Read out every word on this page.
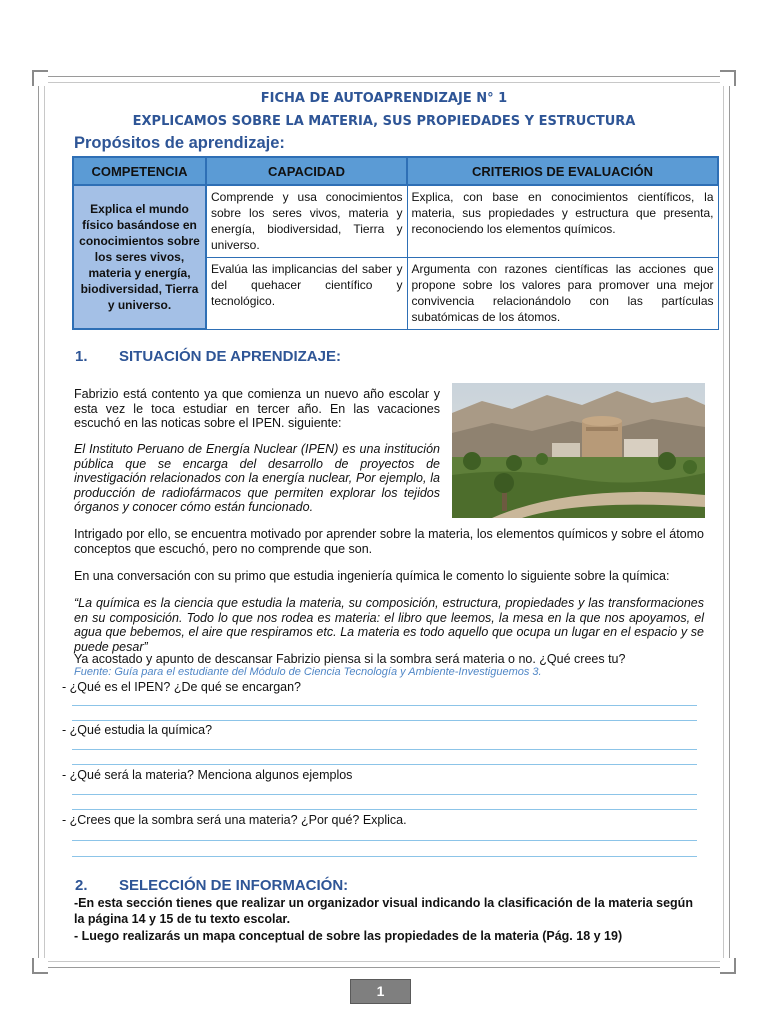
FICHA DE AUTOAPRENDIZAJE N° 1
EXPLICAMOS SOBRE LA MATERIA, SUS PROPIEDADES Y ESTRUCTURA
Propósitos de aprendizaje:
COMPETENCIA	CAPACIDAD	CRITERIOS DE EVALUACIÓN
Explica el mundo físico basándose en conocimientos sobre los seres vivos, materia y energía, biodiversidad, Tierra y universo.	Comprende y usa conocimientos sobre los seres vivos, materia y energía, biodiversidad, Tierra y universo.	Explica, con base en conocimientos científicos, la materia, sus propiedades y estructura que presenta, reconociendo los elementos químicos.
	Evalúa las implicancias del saber y del quehacer científico y tecnológico.	Argumenta con razones científicas las acciones que propone sobre los valores para promover una mejor convivencia relacionándolo con las partículas subatómicas de los átomos.
1. SITUACIÓN DE APRENDIZAJE:
Fabrizio está contento ya que comienza un nuevo año escolar y esta vez le toca estudiar en tercer año. En las vacaciones escuchó en las noticas sobre el IPEN. siguiente:
El Instituto Peruano de Energía Nuclear (IPEN) es una institución pública que se encarga del desarrollo de proyectos de investigación relacionados con la energía nuclear, Por ejemplo, la producción de radiofármacos que permiten explorar los tejidos órganos y conocer cómo están funcionado.
Intrigado por ello, se encuentra motivado por aprender sobre la materia, los elementos químicos y sobre el átomo conceptos que escuchó, pero no comprende que son.
En una conversación con su primo que estudia ingeniería química le comento lo siguiente sobre la química:
“La química es la ciencia que estudia la materia, su composición, estructura, propiedades y las transformaciones en su composición. Todo lo que nos rodea es materia: el libro que leemos, la mesa en la que nos apoyamos, el agua que bebemos, el aire que respiramos etc. La materia es todo aquello que ocupa un lugar en el espacio y se puede pesar”
Ya acostado y apunto de descansar Fabrizio piensa si la sombra será materia o no. ¿Qué crees tu?
Fuente: Guía para el estudiante del Módulo de Ciencia Tecnología y Ambiente-Investiguemos 3.
- ¿Qué es el IPEN? ¿De qué se encargan?
- ¿Qué estudia la química?
- ¿Qué será la materia? Menciona algunos ejemplos
- ¿Crees que la sombra será una materia? ¿Por qué? Explica.
2. SELECCIÓN DE INFORMACIÓN:
-En esta sección tienes que realizar un organizador visual indicando la clasificación de la materia según la página 14 y 15 de tu texto escolar.
- Luego realizarás un mapa conceptual de sobre las propiedades de la materia (Pág. 18 y 19)
1
